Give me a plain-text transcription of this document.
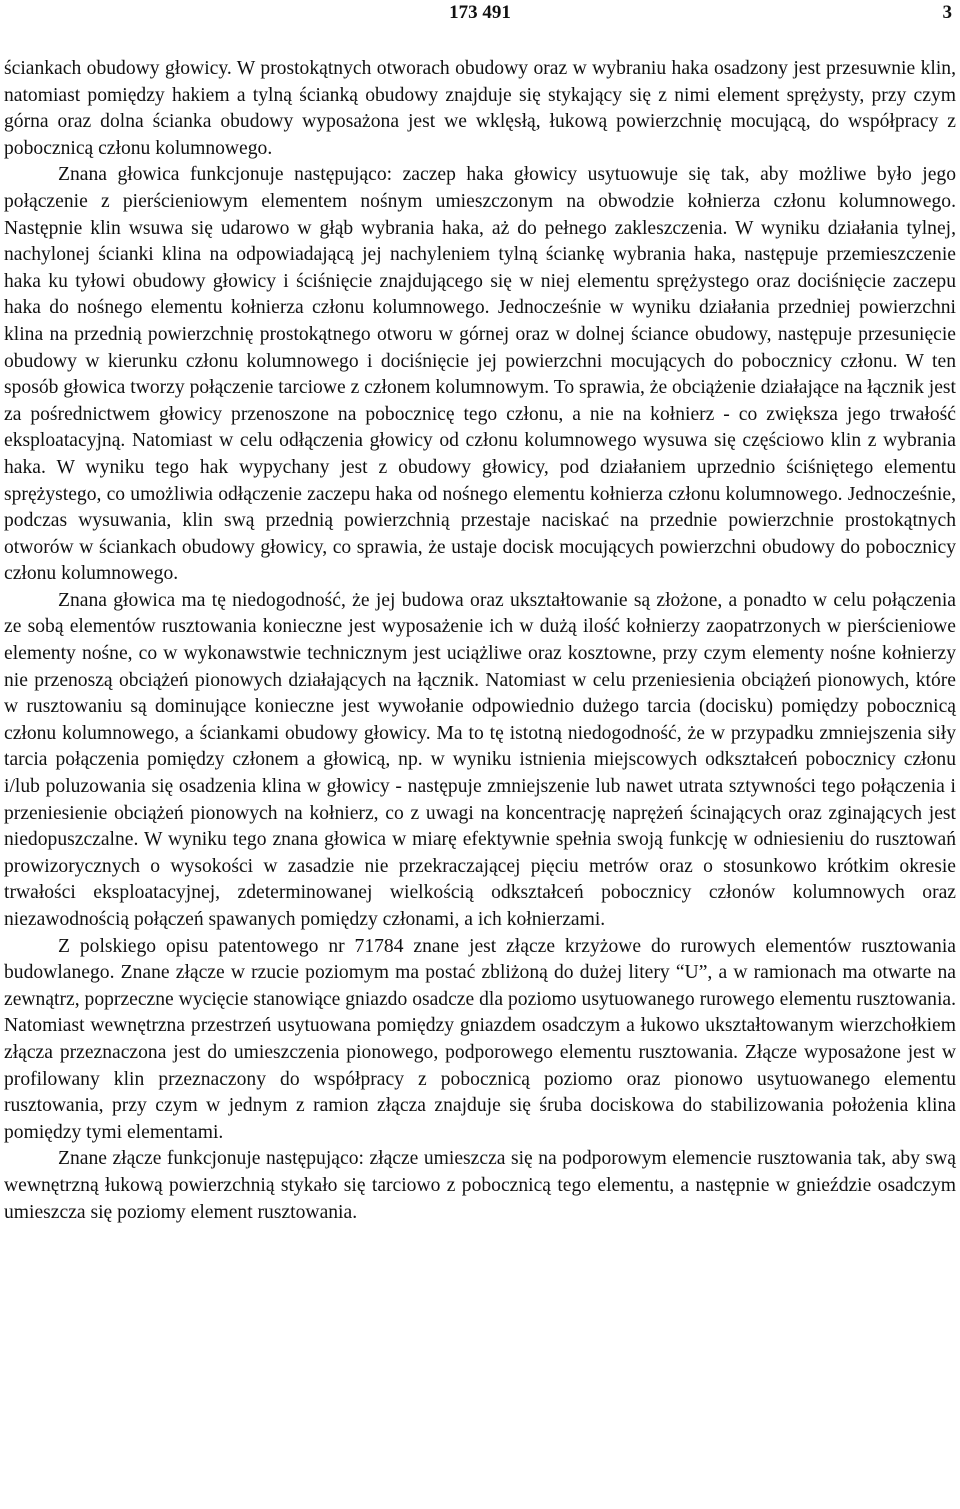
173 491	3

ściankach obudowy głowicy. W prostokątnych otworach obudowy oraz w wybraniu haka osadzony jest przesuwnie klin, natomiast pomiędzy hakiem a tylną ścianką obudowy znajduje się stykający się z nimi element sprężysty, przy czym górna oraz dolna ścianka obudowy wyposażona jest we wklęsłą, łukową powierzchnię mocującą, do współpracy z pobocznicą członu kolumnowego.

Znana głowica funkcjonuje następująco: zaczep haka głowicy usytuowuje się tak, aby możliwe było jego połączenie z pierścieniowym elementem nośnym umieszczonym na obwodzie kołnierza członu kolumnowego. Następnie klin wsuwa się udarowo w głąb wybrania haka, aż do pełnego zakleszczenia. W wyniku działania tylnej, nachylonej ścianki klina na odpowiadającą jej nachyleniem tylną ściankę wybrania haka, następuje przemieszczenie haka ku tyłowi obudowy głowicy i ściśnięcie znajdującego się w niej elementu sprężystego oraz dociśnięcie zaczepu haka do nośnego elementu kołnierza członu kolumnowego. Jednocześnie w wyniku działania przedniej powierzchni klina na przednią powierzchnię prostokątnego otworu w górnej oraz w dolnej ściance obudowy, następuje przesunięcie obudowy w kierunku członu kolumnowego i dociśnięcie jej powierzchni mocujących do pobocznicy członu. W ten sposób głowica tworzy połączenie tarciowe z członem kolumnowym. To sprawia, że obciążenie działające na łącznik jest za pośrednictwem głowicy przenoszone na pobocznicę tego członu, a nie na kołnierz - co zwiększa jego trwałość eksploatacyjną. Natomiast w celu odłączenia głowicy od członu kolumnowego wysuwa się częściowo klin z wybrania haka. W wyniku tego hak wypychany jest z obudowy głowicy, pod działaniem uprzednio ściśniętego elementu sprężystego, co umożliwia odłączenie zaczepu haka od nośnego elementu kołnierza członu kolumnowego. Jednocześnie, podczas wysuwania, klin swą przednią powierzchnią przestaje naciskać na przednie powierzchnie prostokątnych otworów w ściankach obudowy głowicy, co sprawia, że ustaje docisk mocujących powierzchni obudowy do pobocznicy członu kolumnowego.

Znana głowica ma tę niedogodność, że jej budowa oraz ukształtowanie są złożone, a ponadto w celu połączenia ze sobą elementów rusztowania konieczne jest wyposażenie ich w dużą ilość kołnierzy zaopatrzonych w pierścieniowe elementy nośne, co w wykonawstwie technicznym jest uciążliwe oraz kosztowne, przy czym elementy nośne kołnierzy nie przenoszą obciążeń pionowych działających na łącznik. Natomiast w celu przeniesienia obciążeń pionowych, które w rusztowaniu są dominujące konieczne jest wywołanie odpowiednio dużego tarcia (docisku) pomiędzy pobocznicą członu kolumnowego, a ściankami obudowy głowicy. Ma to tę istotną niedogodność, że w przypadku zmniejszenia siły tarcia połączenia pomiędzy członem a głowicą, np. w wyniku istnienia miejscowych odkształceń pobocznicy członu i/lub poluzowania się osadzenia klina w głowicy - następuje zmniejszenie lub nawet utrata sztywności tego połączenia i przeniesienie obciążeń pionowych na kołnierz, co z uwagi na koncentrację naprężeń ścinających oraz zginających jest niedopuszczalne. W wyniku tego znana głowica w miarę efektywnie spełnia swoją funkcję w odniesieniu do rusztowań prowizorycznych o wysokości w zasadzie nie przekraczającej pięciu metrów oraz o stosunkowo krótkim okresie trwałości eksploatacyjnej, zdeterminowanej wielkością odkształceń pobocznicy członów kolumnowych oraz niezawodnością połączeń spawanych pomiędzy członami, a ich kołnierzami.

Z polskiego opisu patentowego nr 71784 znane jest złącze krzyżowe do rurowych elementów rusztowania budowlanego. Znane złącze w rzucie poziomym ma postać zbliżoną do dużej litery “U”, a w ramionach ma otwarte na zewnątrz, poprzeczne wycięcie stanowiące gniazdo osadcze dla poziomo usytuowanego rurowego elementu rusztowania. Natomiast wewnętrzna przestrzeń usytuowana pomiędzy gniazdem osadczym a łukowo ukształtowanym wierzchołkiem złącza przeznaczona jest do umieszczenia pionowego, podporowego elementu rusztowania. Złącze wyposażone jest w profilowany klin przeznaczony do współpracy z pobocznicą poziomo oraz pionowo usytuowanego elementu rusztowania, przy czym w jednym z ramion złącza znajduje się śruba dociskowa do stabilizowania położenia klina pomiędzy tymi elementami.

Znane złącze funkcjonuje następująco: złącze umieszcza się na podporowym elemencie rusztowania tak, aby swą wewnętrzną łukową powierzchnią stykało się tarciowo z pobocznicą tego elementu, a następnie w gnieździe osadczym umieszcza się poziomy element rusztowania.
